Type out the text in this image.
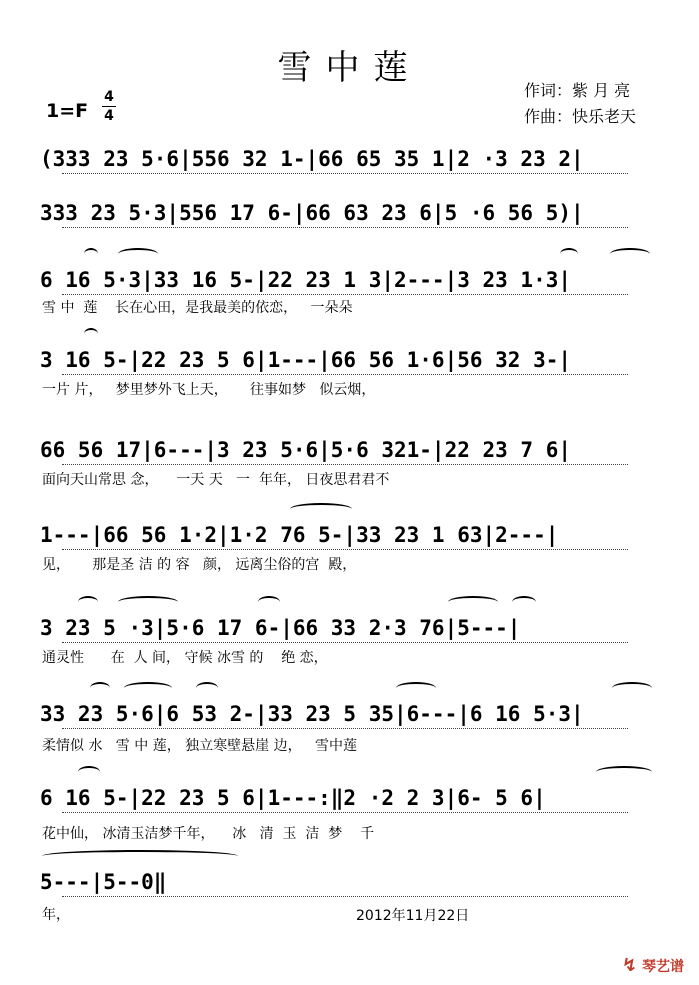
雪中莲
作词：紫 月 亮
作曲：快乐老天
1=F
4
4
(333 23 5·6|556 32 1-|66 65 35 1|2 ·3 23 2|
333 23 5·3|556 17 6-|66 63 23 6|5 ·6 56 5)|
6 16 5·3|33 16 5-|22 23 1 3|2---|3 23 1·3|
雪 中  莲    长在心田，是我最美的依恋，   一朵朵
3 16 5-|22 23 5 6|1---|66 56 1·6|56 32 3-|
一片 片，   梦里梦外飞上天，     往事如梦   似云烟，
66 56 17|6---|3 23 5·6|5·6 321-|22 23 7 6|
面向天山常思 念，    一天 天   一  年年， 日夜思君君不
1---|66 56 1·2|1·2 76 5-|33 23 1 63|2---|
见，     那是圣 洁 的 容   颜， 远离尘俗的宫  殿，
3 23 5 ·3|5·6 17 6-|66 33 2·3 76|5---|
通灵性      在  人 间， 守候 冰雪 的    绝 恋，
33 23 5·6|6 53 2-|33 23 5 35|6---|6 16 5·3|
柔情似 水   雪 中 莲， 独立寒壁悬崖 边，   雪中莲
6 16 5-|22 23 5 6|1---:‖2 ·2 2 3|6- 5 6|
花中仙， 冰清玉洁梦千年，    冰   清  玉  洁  梦    千
5---|5--0‖
年，	2012年11月22日
↯ 琴艺谱
